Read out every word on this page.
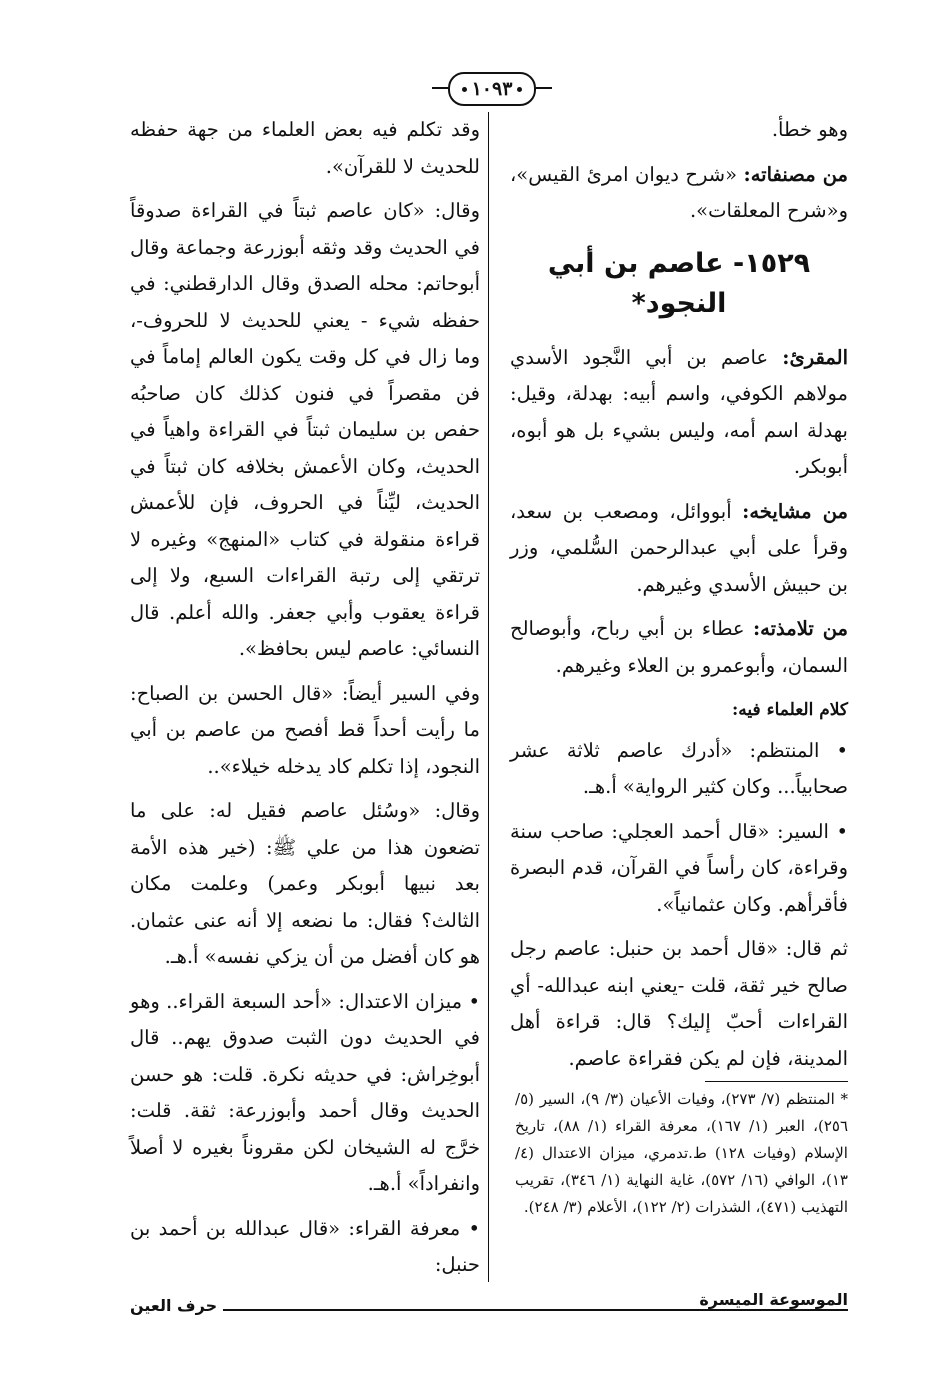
١٠٩٣

وهو خطأ.

من مصنفاته: «شرح ديوان امرئ القيس»، و«شرح المعلقات».

١٥٢٩- عاصم بن أبي النجود*

المقرئ: عاصم بن أبي النَّجود الأسدي مولاهم الكوفي، واسم أبيه: بهدلة، وقيل: بهدلة اسم أمه، وليس بشيء بل هو أبوه، أبوبكر.

من مشايخه: أبووائل، ومصعب بن سعد، وقرأ على أبي عبدالرحمن السُّلمي، وزر بن حبيش الأسدي وغيرهم.

من تلامذته: عطاء بن أبي رباح، وأبوصالح السمان، وأبوعمرو بن العلاء وغيرهم.

كلام العلماء فيه:

• المنتظم: «أدرك عاصم ثلاثة عشر صحابياً... وكان كثير الرواية» أ.هـ.

• السير: «قال أحمد العجلي: صاحب سنة وقراءة، كان رأساً في القرآن، قدم البصرة فأقرأهم. وكان عثمانياً».

ثم قال: «قال أحمد بن حنبل: عاصم رجل صالح خير ثقة، قلت -يعني ابنه عبدالله- أي القراءات أحبّ إليك؟ قال: قراءة أهل المدينة، فإن لم يكن فقراءة عاصم.

* المنتظم (٧/ ٢٧٣)، وفيات الأعيان (٣/ ٩)، السير (٥/ ٢٥٦)، العبر (١/ ١٦٧)، معرفة القراء (١/ ٨٨)، تاريخ الإسلام (وفيات ١٢٨) ط.تدمري، ميزان الاعتدال (٤/ ١٣)، الوافي (١٦/ ٥٧٢)، غاية النهاية (١/ ٣٤٦)، تقريب التهذيب (٤٧١)، الشذرات (٢/ ١٢٢)، الأعلام (٣/ ٢٤٨).

وقد تكلم فيه بعض العلماء من جهة حفظه للحديث لا للقرآن».

وقال: «كان عاصم ثبتاً في القراءة صدوقاً في الحديث وقد وثقه أبوزرعة وجماعة وقال أبوحاتم: محله الصدق وقال الدارقطني: في حفظه شيء - يعني للحديث لا للحروف-، وما زال في كل وقت يكون العالم إماماً في فن مقصراً في فنون كذلك كان صاحبُه حفص بن سليمان ثبتاً في القراءة واهياً في الحديث، وكان الأعمش بخلافه كان ثبتاً في الحديث، ليِّناً في الحروف، فإن للأعمش قراءة منقولة في كتاب «المنهج» وغيره لا ترتقي إلى رتبة القراءات السبع، ولا إلى قراءة يعقوب وأبي جعفر. والله أعلم. قال النسائي: عاصم ليس بحافظ».

وفي السير أيضاً: «قال الحسن بن الصباح: ما رأيت أحداً قط أفصح من عاصم بن أبي النجود، إذا تكلم كاد يدخله خيلاء»..

وقال: «وسُئل عاصم فقيل له: على ما تضعون هذا من علي ﷺ: (خير هذه الأمة بعد نبيها أبوبكر وعمر) وعلمت مكان الثالث؟ فقال: ما نضعه إلا أنه عنى عثمان. هو كان أفضل من أن يزكي نفسه» أ.هـ.

• ميزان الاعتدال: «أحد السبعة القراء.. وهو في الحديث دون الثبت صدوق يهم.. قال أبوخِراش: في حديثه نكرة. قلت: هو حسن الحديث وقال أحمد وأبوزرعة: ثقة. قلت: خرَّج له الشيخان لكن مقروناً بغيره لا أصلاً وانفراداً» أ.هـ.

• معرفة القراء: «قال عبدالله بن أحمد بن حنبل:

الموسوعة الميسرة
حرف العين
